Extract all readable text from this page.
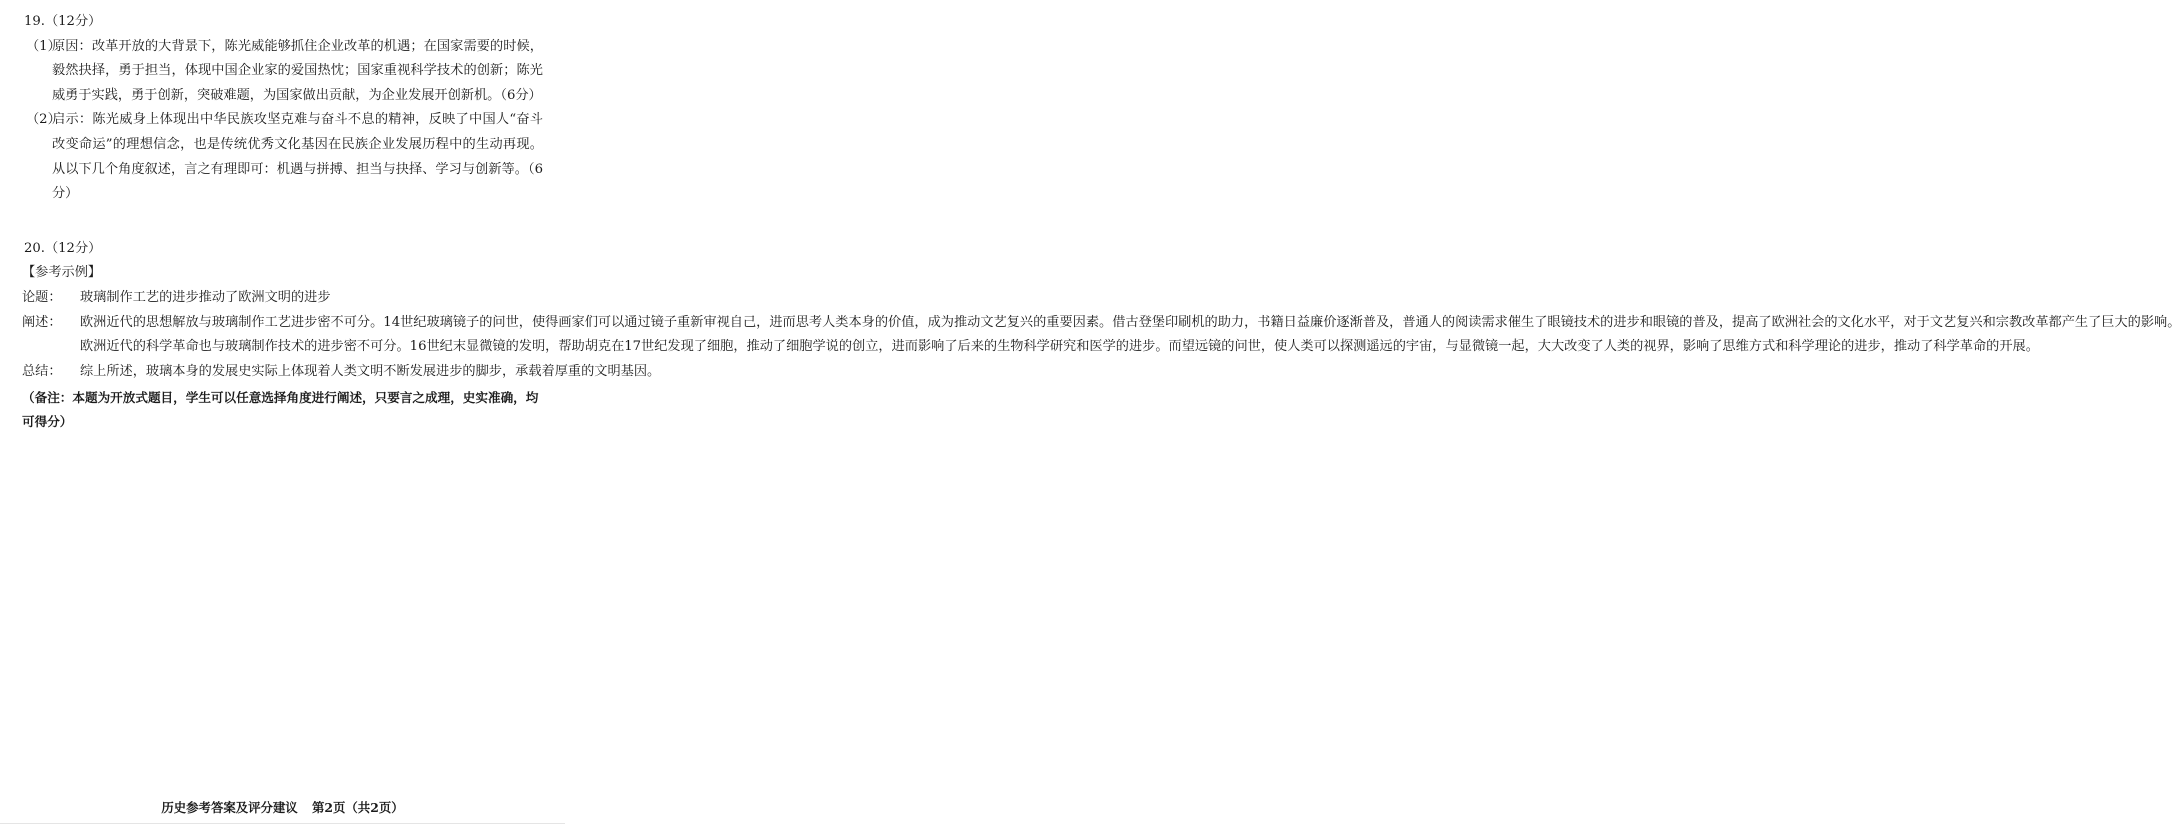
19.（12分）
（1）
原因：改革开放的大背景下，陈光威能够抓住企业改革的机遇；在国家需要的时候，毅然抉择，勇于担当，体现中国企业家的爱国热忱；国家重视科学技术的创新；陈光威勇于实践，勇于创新，突破难题，为国家做出贡献，为企业发展开创新机。（6分）
（2）
启示：陈光威身上体现出中华民族攻坚克难与奋斗不息的精神，反映了中国人“奋斗改变命运”的理想信念，也是传统优秀文化基因在民族企业发展历程中的生动再现。从以下几个角度叙述，言之有理即可：机遇与拼搏、担当与抉择、学习与创新等。（6分）
20.（12分）
【参考示例】
论题：	玻璃制作工艺的进步推动了欧洲文明的进步
阐述：	欧洲近代的思想解放与玻璃制作工艺进步密不可分。14世纪玻璃镜子的问世，使得画家们可以通过镜子重新审视自己，进而思考人类本身的价值，成为推动文艺复兴的重要因素。借古登堡印刷机的助力，书籍日益廉价逐渐普及，普通人的阅读需求催生了眼镜技术的进步和眼镜的普及，提高了欧洲社会的文化水平，对于文艺复兴和宗教改革都产生了巨大的影响。
欧洲近代的科学革命也与玻璃制作技术的进步密不可分。16世纪末显微镜的发明，帮助胡克在17世纪发现了细胞，推动了细胞学说的创立，进而影响了后来的生物科学研究和医学的进步。而望远镜的问世，使人类可以探测遥远的宇宙，与显微镜一起，大大改变了人类的视界，影响了思维方式和科学理论的进步，推动了科学革命的开展。
总结：	综上所述，玻璃本身的发展史实际上体现着人类文明不断发展进步的脚步，承载着厚重的文明基因。
（备注：本题为开放式题目，学生可以任意选择角度进行阐述，只要言之成理，史实准确，均可得分）
历史参考答案及评分建议 第2页（共2页）
